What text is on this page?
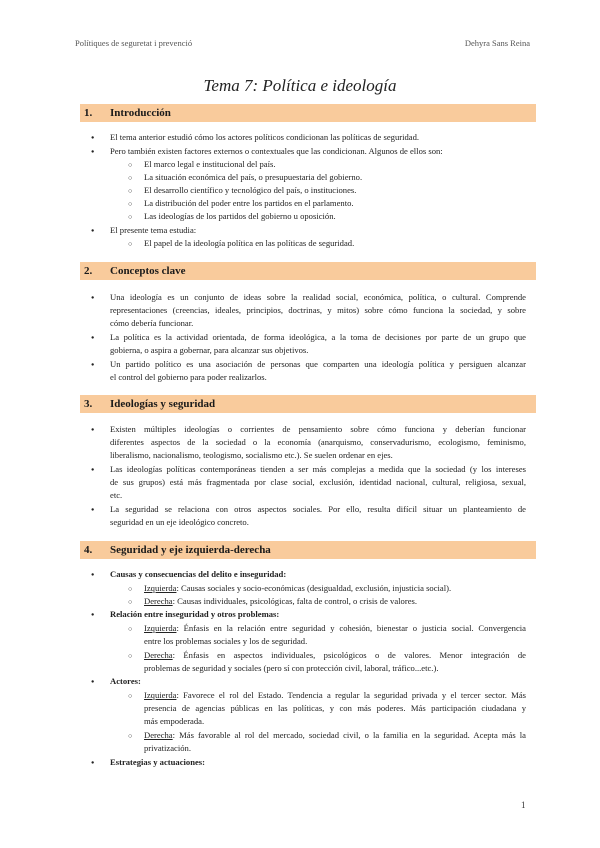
Polítiques de seguretat i prevenció	Dehyra Sans Reina
Tema 7: Política e ideología
1. Introducción
●
El tema anterior estudió cómo los actores políticos condicionan las políticas de seguridad.
●
Pero también existen factores externos o contextuales que las condicionan. Algunos de ellos son:
○
El marco legal e institucional del país.
○
La situación económica del país, o presupuestaria del gobierno.
○
El desarrollo científico y tecnológico del país, o instituciones.
○
La distribución del poder entre los partidos en el parlamento.
○
Las ideologías de los partidos del gobierno u oposición.
●
El presente tema estudia:
○
El papel de la ideología política en las políticas de seguridad.
2. Conceptos clave
●
Una ideología es un conjunto de ideas sobre la realidad social, económica, política, o cultural. Comprende
representaciones (creencias, ideales, principios, doctrinas, y mitos) sobre cómo funciona la sociedad, y sobre
cómo debería funcionar.
●
La política es la actividad orientada, de forma ideológica, a la toma de decisiones por parte de un grupo que
gobierna, o aspira a gobernar, para alcanzar sus objetivos.
●
Un partido político es una asociación de personas que comparten una ideología política y persiguen alcanzar
el control del gobierno para poder realizarlos.
3. Ideologías y seguridad
●
Existen múltiples ideologías o corrientes de pensamiento sobre cómo funciona y deberían funcionar
diferentes aspectos de la sociedad o la economía (anarquismo, conservadurismo, ecologismo, feminismo,
liberalismo, nacionalismo, teologismo, socialismo etc.). Se suelen ordenar en ejes.
●
Las ideologías políticas contemporáneas tienden a ser más complejas a medida que la sociedad (y los intereses
de sus grupos) está más fragmentada por clase social, exclusión, identidad nacional, cultural, religiosa, sexual,
etc.
●
La seguridad se relaciona con otros aspectos sociales. Por ello, resulta difícil situar un planteamiento de
seguridad en un eje ideológico concreto.
4. Seguridad y eje izquierda-derecha
●
Causas y consecuencias del delito e inseguridad:
○
Izquierda: Causas sociales y socio-económicas (desigualdad, exclusión, injusticia social).
○
Derecha: Causas individuales, psicológicas, falta de control, o crisis de valores.
●
Relación entre inseguridad y otros problemas:
○
Izquierda: Énfasis en la relación entre seguridad y cohesión, bienestar o justicia social. Convergencia
entre los problemas sociales y los de seguridad.
○
Derecha: Énfasis en aspectos individuales, psicológicos o de valores. Menor integración de
problemas de seguridad y sociales (pero sí con protección civil, laboral, tráfico...etc.).
●
Actores:
○
Izquierda: Favorece el rol del Estado. Tendencia a regular la seguridad privada y el tercer sector. Más
presencia de agencias públicas en las políticas, y con más poderes. Más participación ciudadana y
más empoderada.
○
Derecha: Más favorable al rol del mercado, sociedad civil, o la familia en la seguridad. Acepta más la
privatización.
●
Estrategias y actuaciones:
1
